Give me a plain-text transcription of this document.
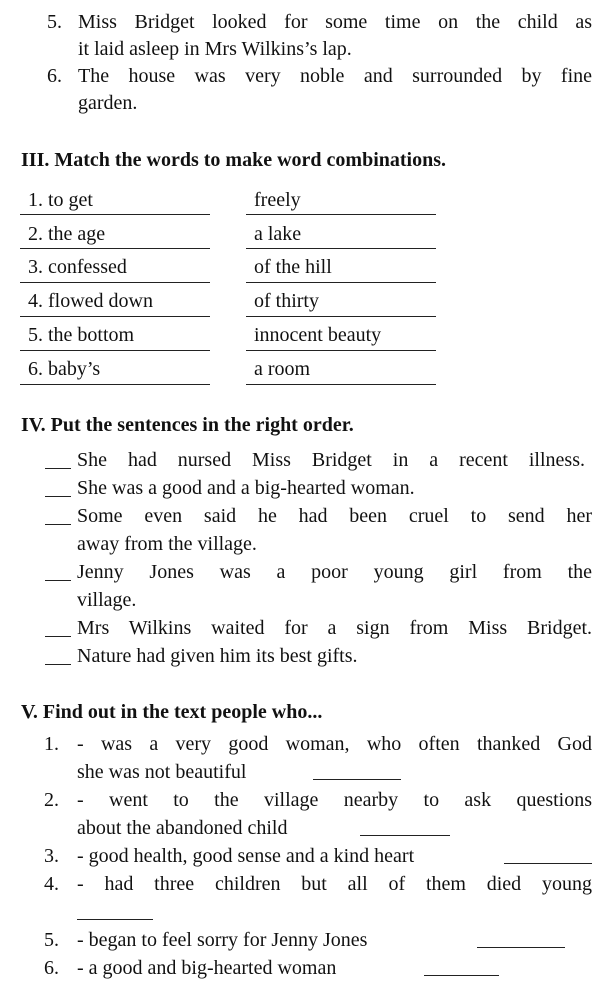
5. Miss Bridget looked for some time on the child as
it laid asleep in Mrs Wilkins’s lap.
6. The house was very noble and surrounded by fine
garden.
III. Match the words to make word combinations.
1. to get	freely
2. the age	a lake
3. confessed	of the hill
4. flowed down	of thirty
5. the bottom	innocent beauty
6. baby’s	a room
IV. Put the sentences in the right order.
She had nursed Miss Bridget in a recent illness.
She was a good and a big-hearted woman.
Some even said he had been cruel to send her
away from the village.
Jenny Jones was a poor young girl from the
village.
Mrs Wilkins waited for a sign from Miss Bridget.
Nature had given him its best gifts.
V. Find out in the text people who...
1. - was a very good woman, who often thanked God
she was not beautiful
2. - went to the village nearby to ask questions
about the abandoned child
3. - good health, good sense and a kind heart
4. - had three children but all of them died young
5. - began to feel sorry for Jenny Jones
6. - a good and big-hearted woman
